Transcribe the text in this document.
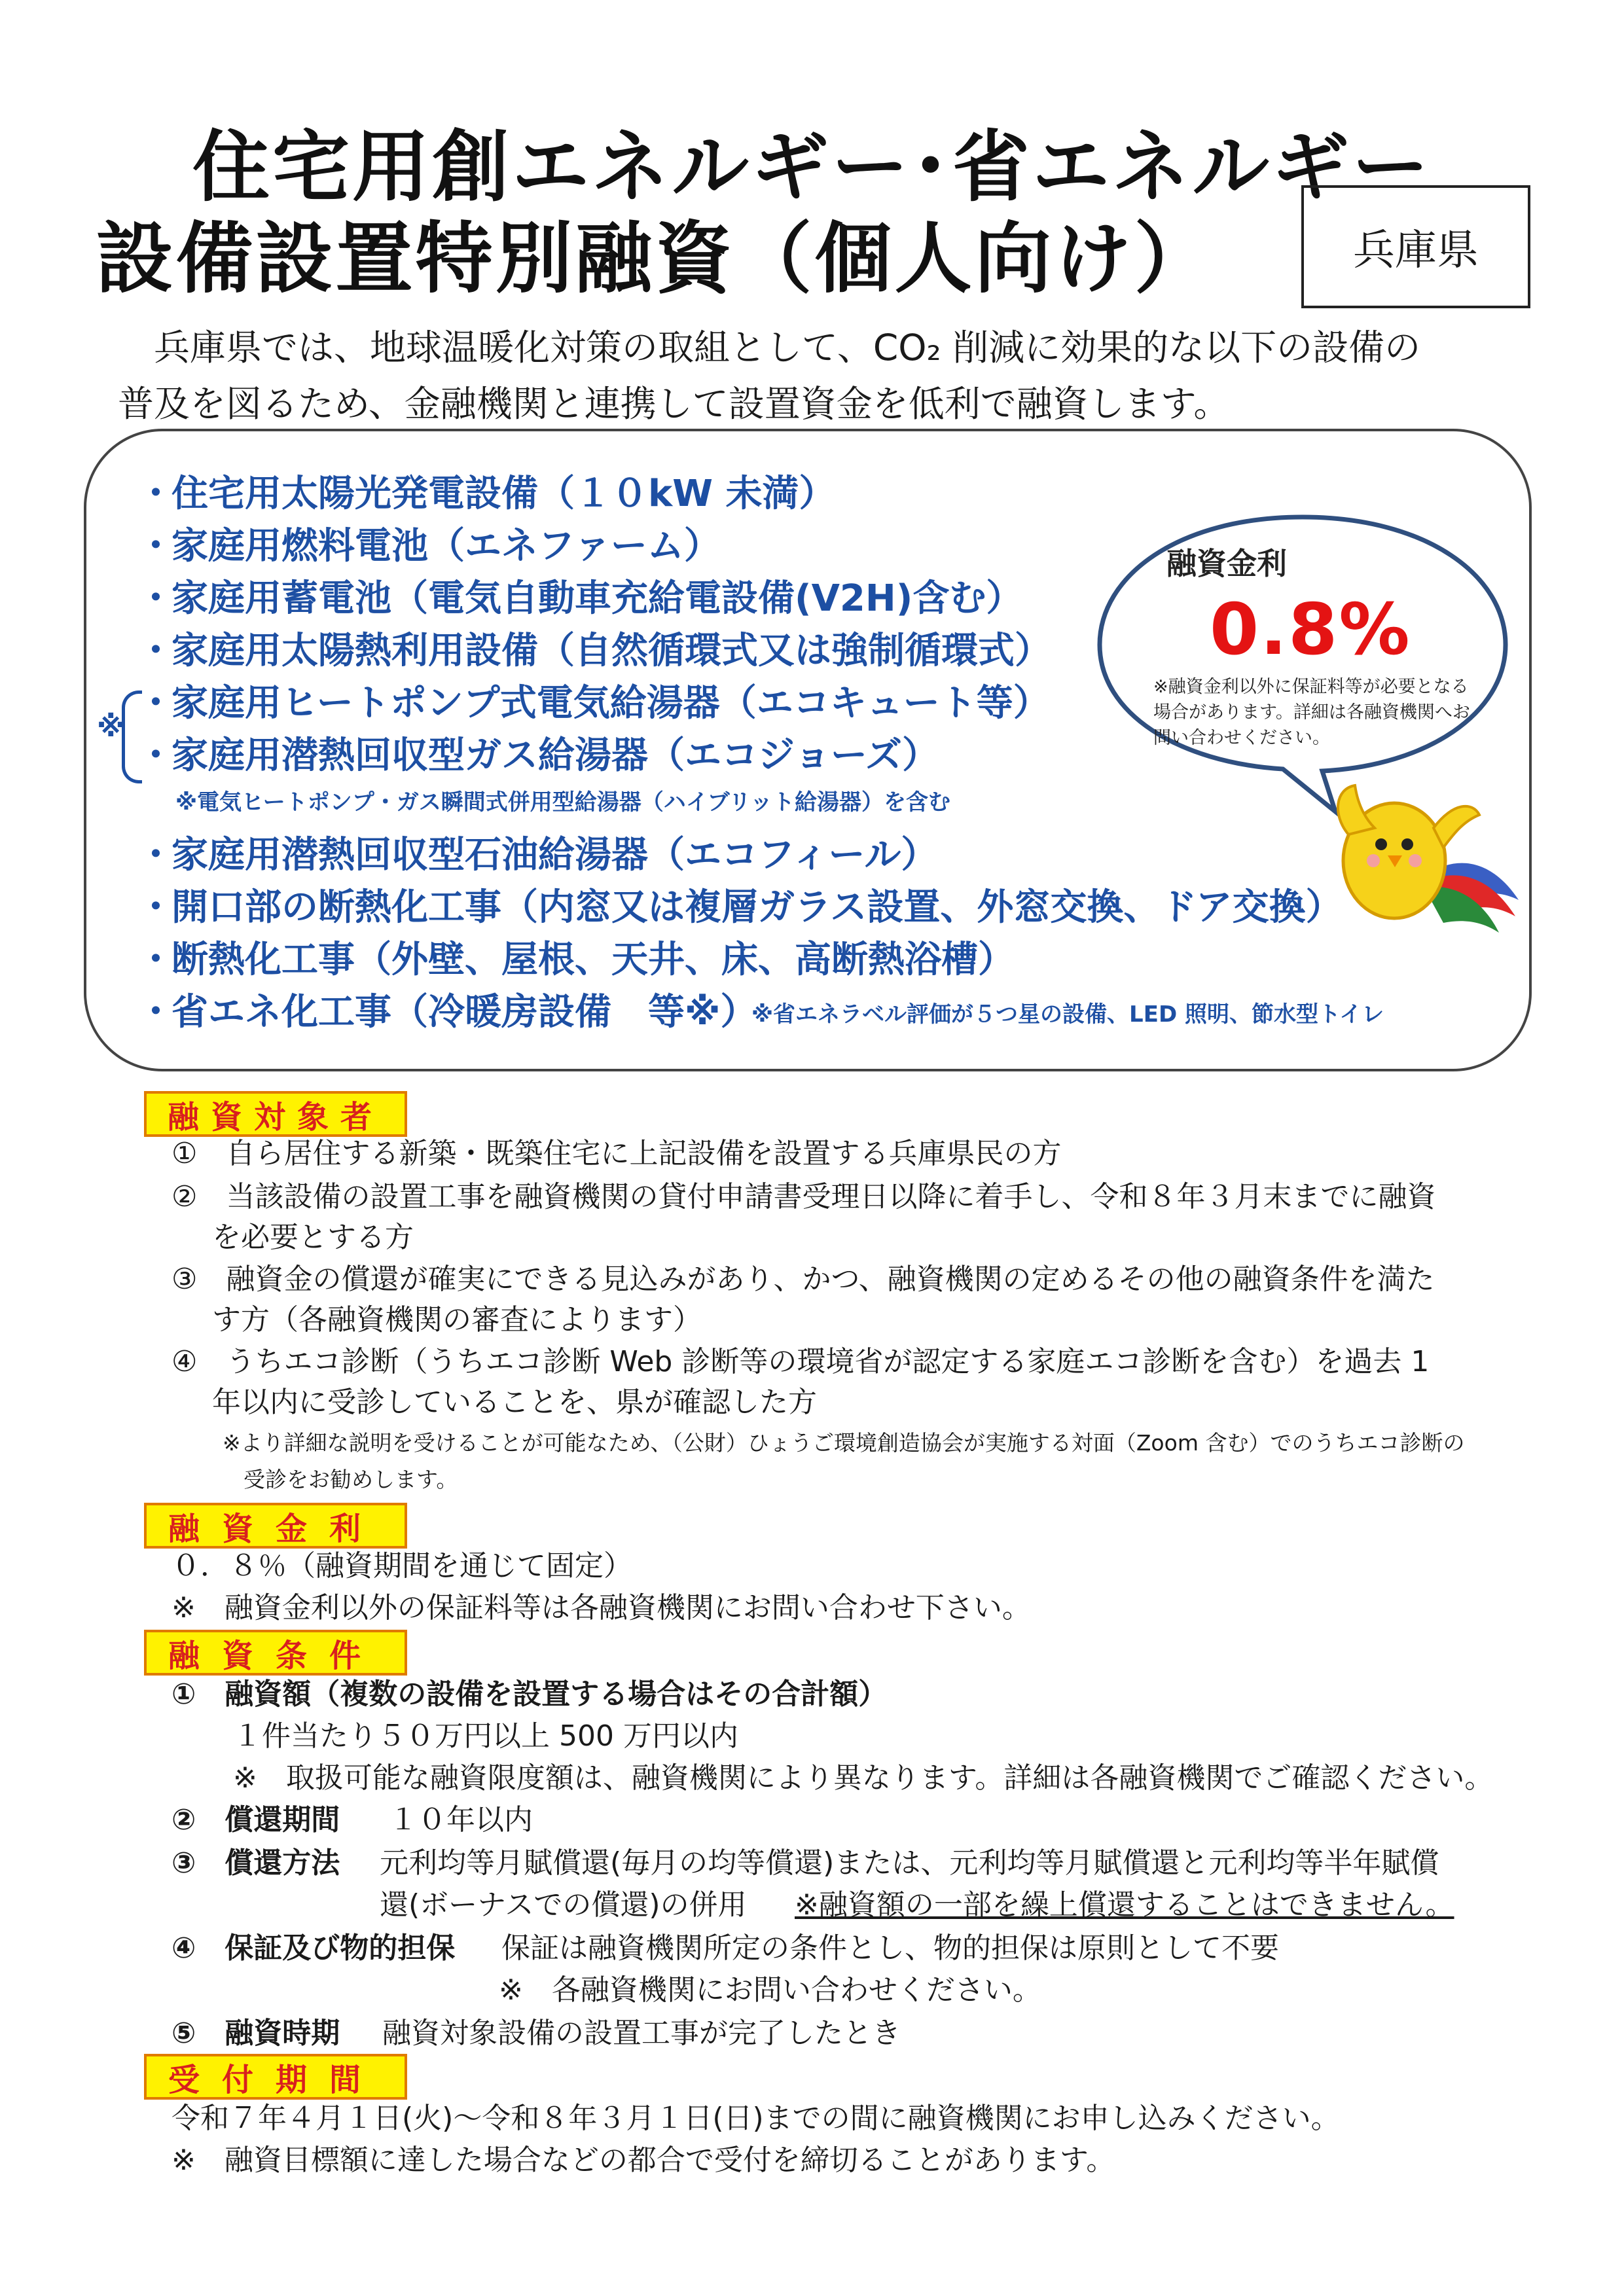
住宅用創エネルギー･省エネルギー
設備設置特別融資（個人向け）	兵庫県

兵庫県では、地球温暖化対策の取組として、CO₂ 削減に効果的な以下の設備の

普及を図るため、金融機関と連携して設置資金を低利で融資します。

・住宅用太陽光発電設備（１０kW 未満）
・家庭用燃料電池（エネファーム）
・家庭用蓄電池（電気自動車充給電設備(V2H)含む）
・家庭用太陽熱利用設備（自然循環式又は強制循環式）
・家庭用ヒートポンプ式電気給湯器（エコキュート等）
・家庭用潜熱回収型ガス給湯器（エコジョーズ）
※電気ヒートポンプ・ガス瞬間式併用型給湯器（ハイブリット給湯器）を含む
・家庭用潜熱回収型石油給湯器（エコフィール）
・開口部の断熱化工事（内窓又は複層ガラス設置、外窓交換、ドア交換）
・断熱化工事（外壁、屋根、天井、床、高断熱浴槽）
・省エネ化工事（冷暖房設備　等※）
※省エネラベル評価が５つ星の設備、LED 照明、節水型トイレ
※
融資金利
0.8%
※融資金利以外に保証料等が必要となる場合があります。詳細は各融資機関へお問い合わせください。
融資対象者
①　自ら居住する新築・既築住宅に上記設備を設置する兵庫県民の方
②　当該設備の設置工事を融資機関の貸付申請書受理日以降に着手し、令和８年３月末までに融資
を必要とする方
③　融資金の償還が確実にできる見込みがあり、かつ、融資機関の定めるその他の融資条件を満た
す方（各融資機関の審査によります）
④　うちエコ診断（うちエコ診断 Web 診断等の環境省が認定する家庭エコ診断を含む）を過去 1
年以内に受診していることを、県が確認した方
※より詳細な説明を受けることが可能なため、（公財）ひょうご環境創造協会が実施する対面（Zoom 含む）でのうちエコ診断の
受診をお勧めします。
融資金利
０．８％（融資期間を通じて固定）
※　融資金利以外の保証料等は各融資機関にお問い合わせ下さい。
融資条件
①　融資額（複数の設備を設置する場合はその合計額）
１件当たり５０万円以上 500 万円以内
※　取扱可能な融資限度額は、融資機関により異なります。詳細は各融資機関でご確認ください。
②　償還期間 １０年以内
③　償還方法 元利均等月賦償還(毎月の均等償還)または、元利均等月賦償還と元利均等半年賦償
還(ボーナスでの償還)の併用 ※融資額の一部を繰上償還することはできません。
④　保証及び物的担保 保証は融資機関所定の条件とし、物的担保は原則として不要
※　各融資機関にお問い合わせください。
⑤　融資時期 融資対象設備の設置工事が完了したとき
受付期間
令和７年４月１日(火)～令和８年３月１日(日)までの間に融資機関にお申し込みください。
※　融資目標額に達した場合などの都合で受付を締切ることがあります。
